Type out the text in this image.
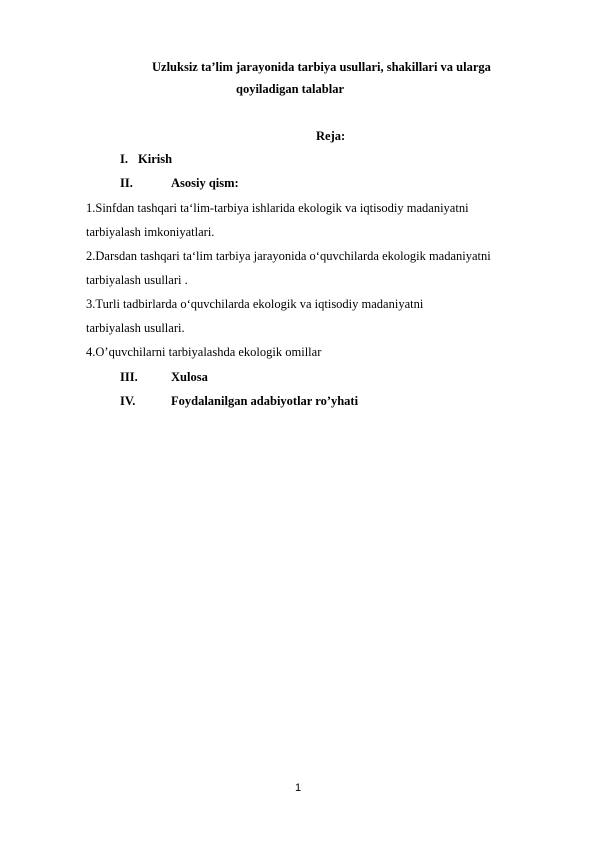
Uzluksiz ta’lim jarayonida tarbiya usullari, shakillari va ularga
qoyiladigan talablar
Reja:
I. Kirish
II.	Asosiy qism:
1.Sinfdan tashqari ta‘lim-tarbiya ishlarida ekologik va iqtisodiy madaniyatni
tarbiyalash imkoniyatlari.
2.Darsdan tashqari ta‘lim tarbiya jarayonida o‘quvchilarda ekologik madaniyatni
tarbiyalash usullari .
3.Turli tadbirlarda o‘quvchilarda ekologik va iqtisodiy madaniyatni
tarbiyalash usullari.
4.O’quvchilarni tarbiyalashda ekologik omillar
III.	Xulosa
IV.	Foydalanilgan adabiyotlar ro’yhati
1
